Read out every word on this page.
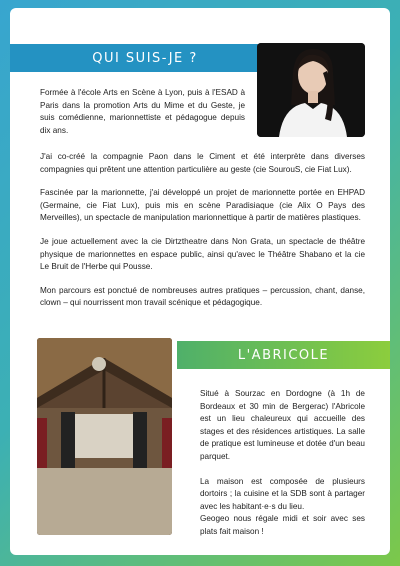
QUI SUIS-JE ?

Formée à l'école Arts en Scène à Lyon, puis à l'ESAD à Paris dans la promotion Arts du Mime et du Geste, je suis comédienne, marionnettiste et pédagogue depuis dix ans.

J'ai co-créé la compagnie Paon dans le Ciment et été interprète dans diverses compagnies qui prêtent une attention particulière au geste (cie SourouS, cie Fiat Lux).

Fascinée par la marionnette, j'ai développé un projet de marionnette portée en EHPAD (Germaine, cie Fiat Lux), puis mis en scène Paradisiaque (cie Alix O Pays des Merveilles), un spectacle de manipulation marionnettique à partir de matières plastiques.

Je joue actuellement avec la cie Dirtztheatre dans Non Grata, un spectacle de théâtre physique de marionnettes en espace public, ainsi qu'avec le Théâtre Shabano et la cie Le Bruit de l'Herbe qui Pousse.

Mon parcours est ponctué de nombreuses autres pratiques – percussion, chant, danse, clown – qui nourrissent mon travail scénique et pédagogique.

L'ABRICOLE

Situé à Sourzac en Dordogne (à 1h de Bordeaux et 30 min de Bergerac) l'Abricole est un lieu chaleureux qui accueille des stages et des résidences artistiques. La salle de pratique est lumineuse et dotée d'un beau parquet.

La maison est composée de plusieurs dortoirs ; la cuisine et la SDB sont à partager avec les habitant·e·s du lieu.

Geogeo nous régale midi et soir avec ses plats fait maison !
